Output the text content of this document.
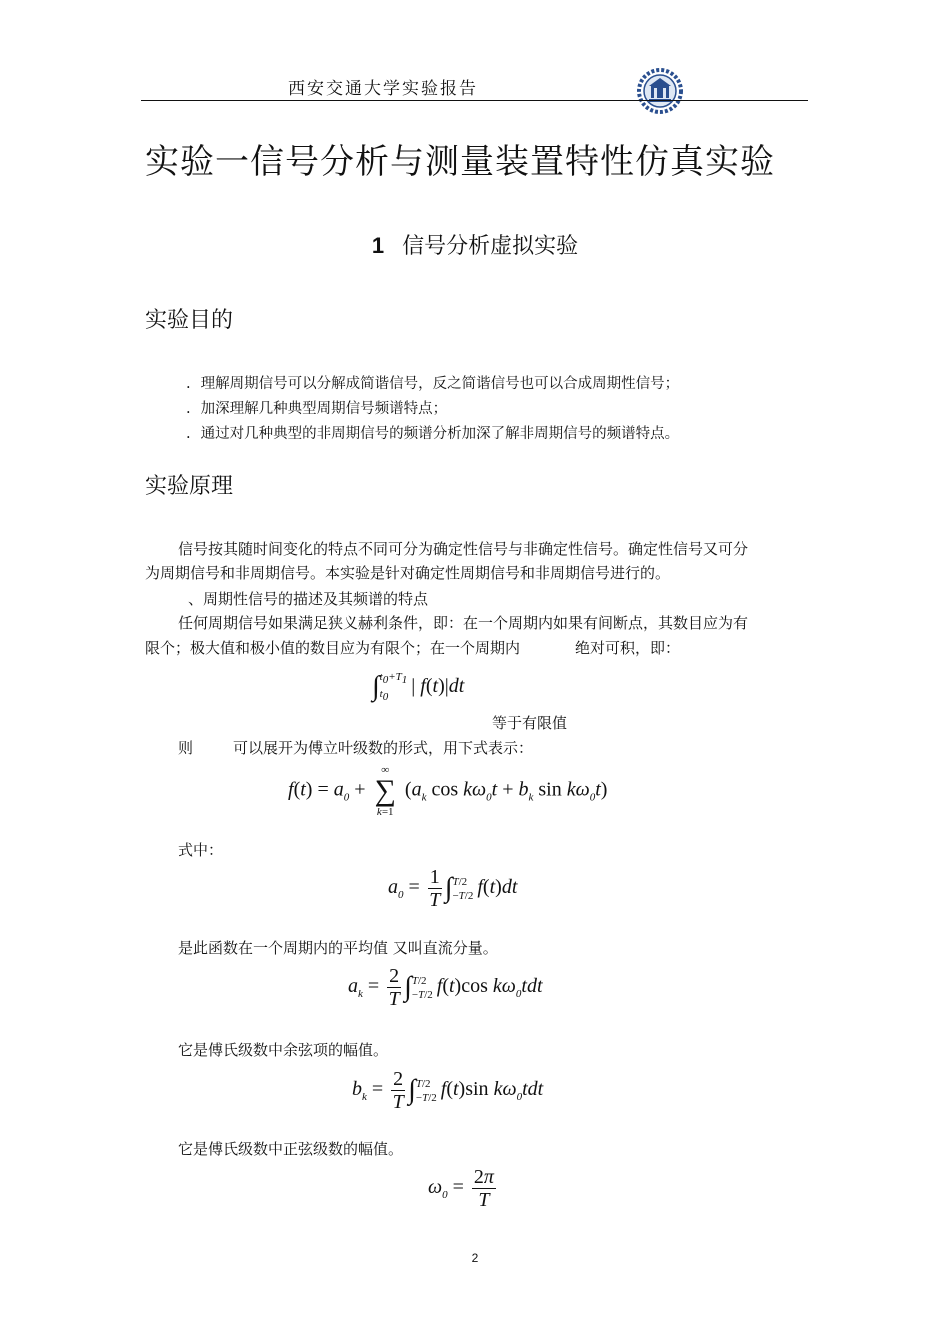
西安交通大学实验报告
实验一信号分析与测量装置特性仿真实验
1 信号分析虚拟实验
实验目的
. 理解周期信号可以分解成简谐信号，反之简谐信号也可以合成周期性信号；
. 加深理解几种典型周期信号频谱特点；
. 通过对几种典型的非周期信号的频谱分析加深了解非周期信号的频谱特点。
实验原理
信号按其随时间变化的特点不同可分为确定性信号与非确定性信号。确定性信号又可分
为周期信号和非周期信号。本实验是针对确定性周期信号和非周期信号进行的。
、周期性信号的描述及其频谱的特点
任何周期信号如果满足狭义赫利条件，即：在一个周期内如果有间断点，其数目应为有
限个；极大值和极小值的数目应为有限个；在一个周期内	绝对可积，即：
∫ $t_0+T_1$
$t_0$
| f(t)|dt
等于有限值
则	可以展开为傅立叶级数的形式，用下式表示：
$f(t) = a_0$ +
∞
∑
k=1
($a_k$ $\cos k\omega_0t + b_k$ $\sin k\omega_0t$)
式中：
$a_0 = \frac{1}{T}$ ∫ T/2
−T/2 f(t)dt
是此函数在一个周期内的平均值 又叫直流分量。
$a_k = \frac{2}{T}$ ∫ T/2
−T/2 f(t)cos $k\omega_0tdt$
它是傅氏级数中余弦项的幅值。
$b_k = \frac{2}{T}$ ∫ T/2
−T/2 f(t)sin $k\omega_0tdt$
它是傅氏级数中正弦级数的幅值。
$\omega_0 = \frac{2\pi}{T}$
2
